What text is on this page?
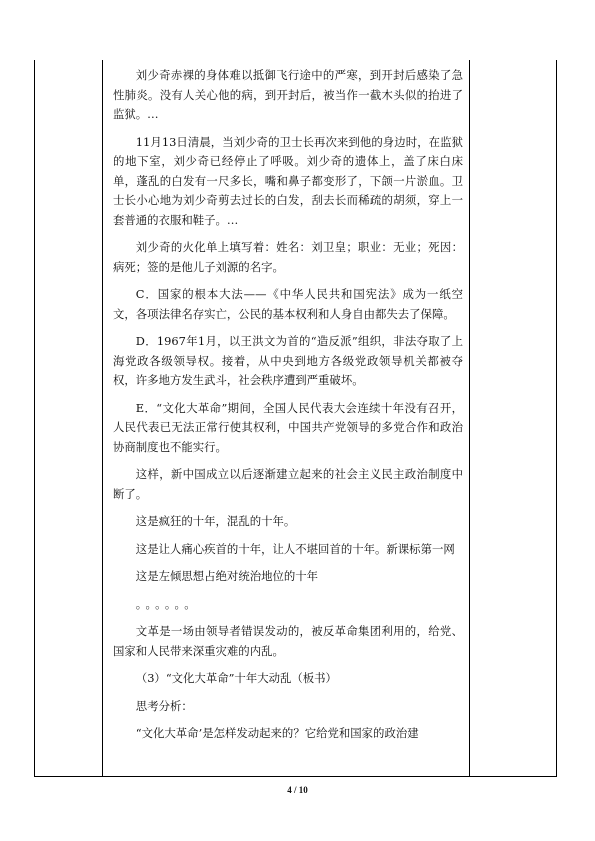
刘少奇赤裸的身体难以抵御飞行途中的严寒，到开封后感染了急性肺炎。没有人关心他的病，到开封后，被当作一截木头似的抬进了监狱。…

11月13日清晨，当刘少奇的卫士长再次来到他的身边时，在监狱的地下室，刘少奇已经停止了呼吸。刘少奇的遗体上，盖了床白床单，蓬乱的白发有一尺多长，嘴和鼻子都变形了，下颌一片淤血。卫士长小心地为刘少奇剪去过长的白发，刮去长而稀疏的胡须，穿上一套普通的衣服和鞋子。…

刘少奇的火化单上填写着：姓名：刘卫皇；职业：无业；死因：病死；签的是他儿子刘源的名字。

C．国家的根本大法——《中华人民共和国宪法》成为一纸空文，各项法律名存实亡，公民的基本权利和人身自由都失去了保障。

D．1967年1月，以王洪文为首的“造反派”组织，非法夺取了上海党政各级领导权。接着，从中央到地方各级党政领导机关都被夺权，许多地方发生武斗，社会秩序遭到严重破坏。

E．“文化大革命”期间，全国人民代表大会连续十年没有召开，人民代表已无法正常行使其权利，中国共产党领导的多党合作和政治协商制度也不能实行。

这样，新中国成立以后逐渐建立起来的社会主义民主政治制度中断了。

这是疯狂的十年，混乱的十年。

这是让人痛心疾首的十年，让人不堪回首的十年。新课标第一网

这是左倾思想占绝对统治地位的十年

。。。。。。

文革是一场由领导者错误发动的，被反革命集团利用的，给党、国家和人民带来深重灾难的内乱。

（3）“文化大革命”十年大动乱（板书）

思考分析：

“文化大革命’是怎样发动起来的？它给党和国家的政治建

4 / 10
